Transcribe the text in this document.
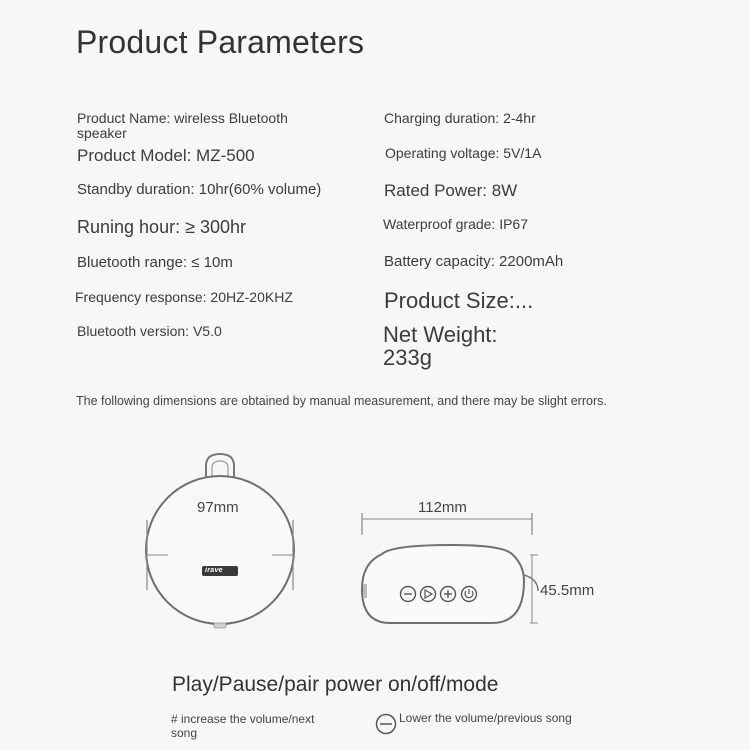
Product Parameters
Product Name: wireless Bluetooth speaker
Product Model: MZ-500
Standby duration: 10hr(60% volume)
Runing hour: ≥ 300hr
Bluetooth range: ≤ 10m
Frequency response: 20HZ-20KHZ
Bluetooth version: V5.0
Charging duration: 2-4hr
Operating voltage: 5V/1A
Rated Power: 8W
Waterproof grade: IP67
Battery capacity: 2200mAh
Product Size:...
Net Weight: 233g
The following dimensions are obtained by manual measurement, and there may be slight errors.
97mm
irave
112mm
45.5mm
Play/Pause/pair power on/off/mode
# increase the volume/next song
Lower the volume/previous song
